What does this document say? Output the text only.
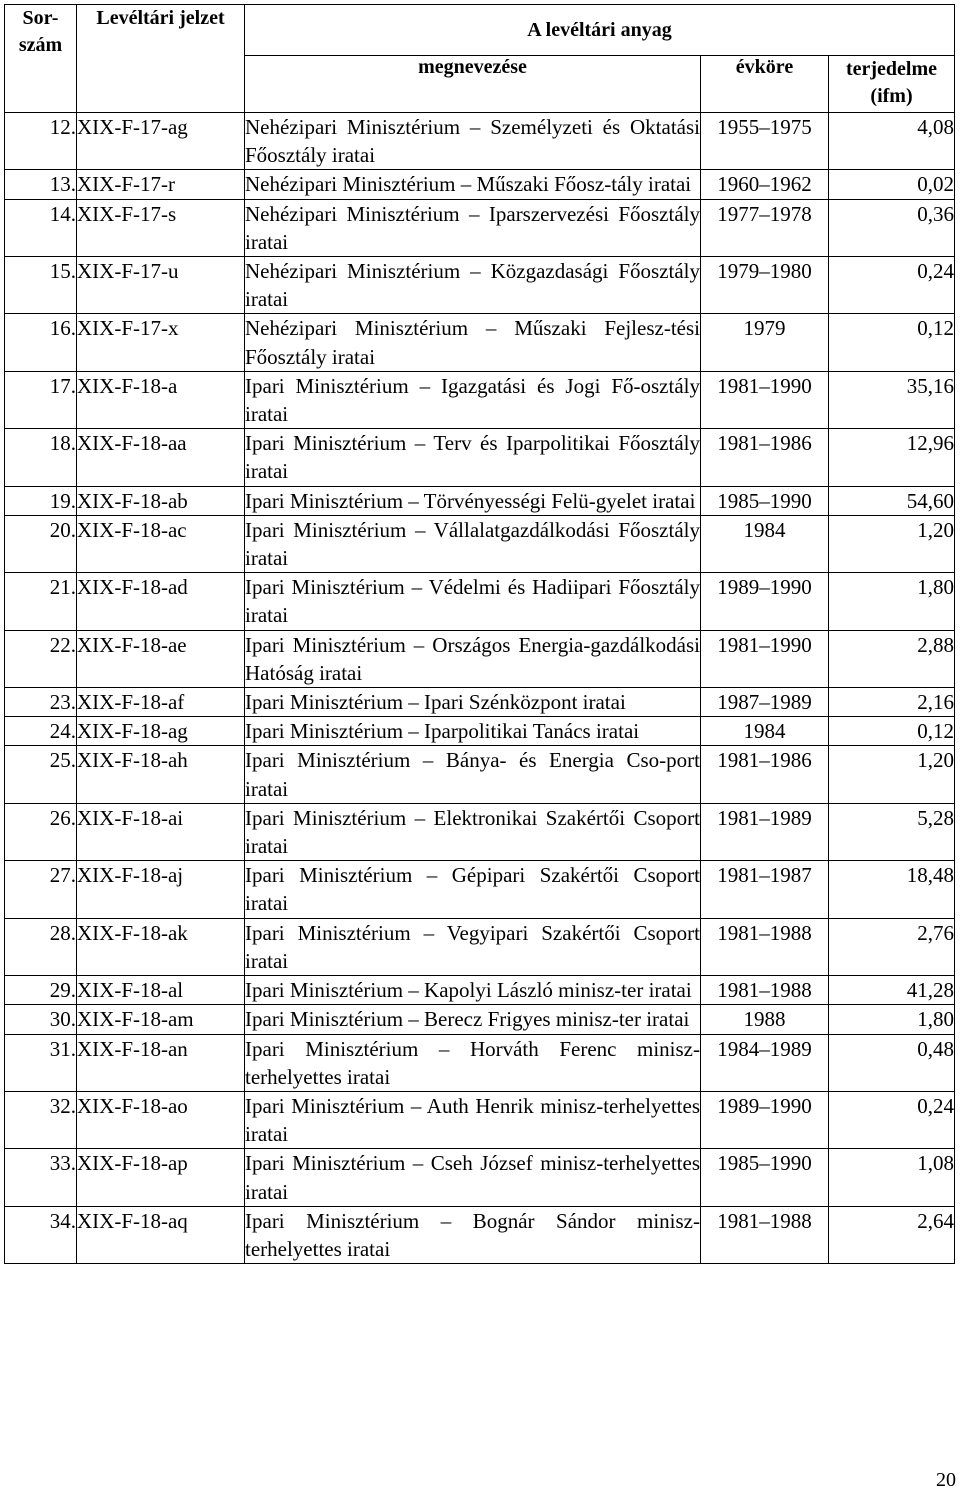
Sor-szám	Levéltári jelzet	A levéltári anyag		
		megnevezése	évköre	terjedelme (ifm)
12.	XIX-F-17-ag	Nehézipari Minisztérium – Személyzeti és Oktatási Főosztály iratai	1955–1975	4,08
13.	XIX-F-17-r	Nehézipari Minisztérium – Műszaki Főosz-tály iratai	1960–1962	0,02
14.	XIX-F-17-s	Nehézipari Minisztérium – Iparszervezési Főosztály iratai	1977–1978	0,36
15.	XIX-F-17-u	Nehézipari Minisztérium – Közgazdasági Főosztály iratai	1979–1980	0,24
16.	XIX-F-17-x	Nehézipari Minisztérium – Műszaki Fejlesz-tési Főosztály iratai	1979	0,12
17.	XIX-F-18-a	Ipari Minisztérium – Igazgatási és Jogi Fő-osztály iratai	1981–1990	35,16
18.	XIX-F-18-aa	Ipari Minisztérium – Terv és Iparpolitikai Főosztály iratai	1981–1986	12,96
19.	XIX-F-18-ab	Ipari Minisztérium – Törvényességi Felü-gyelet iratai	1985–1990	54,60
20.	XIX-F-18-ac	Ipari Minisztérium – Vállalatgazdálkodási Főosztály iratai	1984	1,20
21.	XIX-F-18-ad	Ipari Minisztérium – Védelmi és Hadiipari Főosztály iratai	1989–1990	1,80
22.	XIX-F-18-ae	Ipari Minisztérium – Országos Energia-gazdálkodási Hatóság iratai	1981–1990	2,88
23.	XIX-F-18-af	Ipari Minisztérium – Ipari Szénközpont iratai	1987–1989	2,16
24.	XIX-F-18-ag	Ipari Minisztérium – Iparpolitikai Tanács iratai	1984	0,12
25.	XIX-F-18-ah	Ipari Minisztérium – Bánya- és Energia Cso-port iratai	1981–1986	1,20
26.	XIX-F-18-ai	Ipari Minisztérium – Elektronikai Szakértői Csoport iratai	1981–1989	5,28
27.	XIX-F-18-aj	Ipari Minisztérium – Gépipari Szakértői Csoport iratai	1981–1987	18,48
28.	XIX-F-18-ak	Ipari Minisztérium – Vegyipari Szakértői Csoport iratai	1981–1988	2,76
29.	XIX-F-18-al	Ipari Minisztérium – Kapolyi László minisz-ter iratai	1981–1988	41,28
30.	XIX-F-18-am	Ipari Minisztérium – Berecz Frigyes minisz-ter iratai	1988	1,80
31.	XIX-F-18-an	Ipari Minisztérium – Horváth Ferenc minisz-terhelyettes iratai	1984–1989	0,48
32.	XIX-F-18-ao	Ipari Minisztérium – Auth Henrik minisz-terhelyettes iratai	1989–1990	0,24
33.	XIX-F-18-ap	Ipari Minisztérium – Cseh József minisz-terhelyettes iratai	1985–1990	1,08
34.	XIX-F-18-aq	Ipari Minisztérium – Bognár Sándor minisz-terhelyettes iratai	1981–1988	2,64
20
